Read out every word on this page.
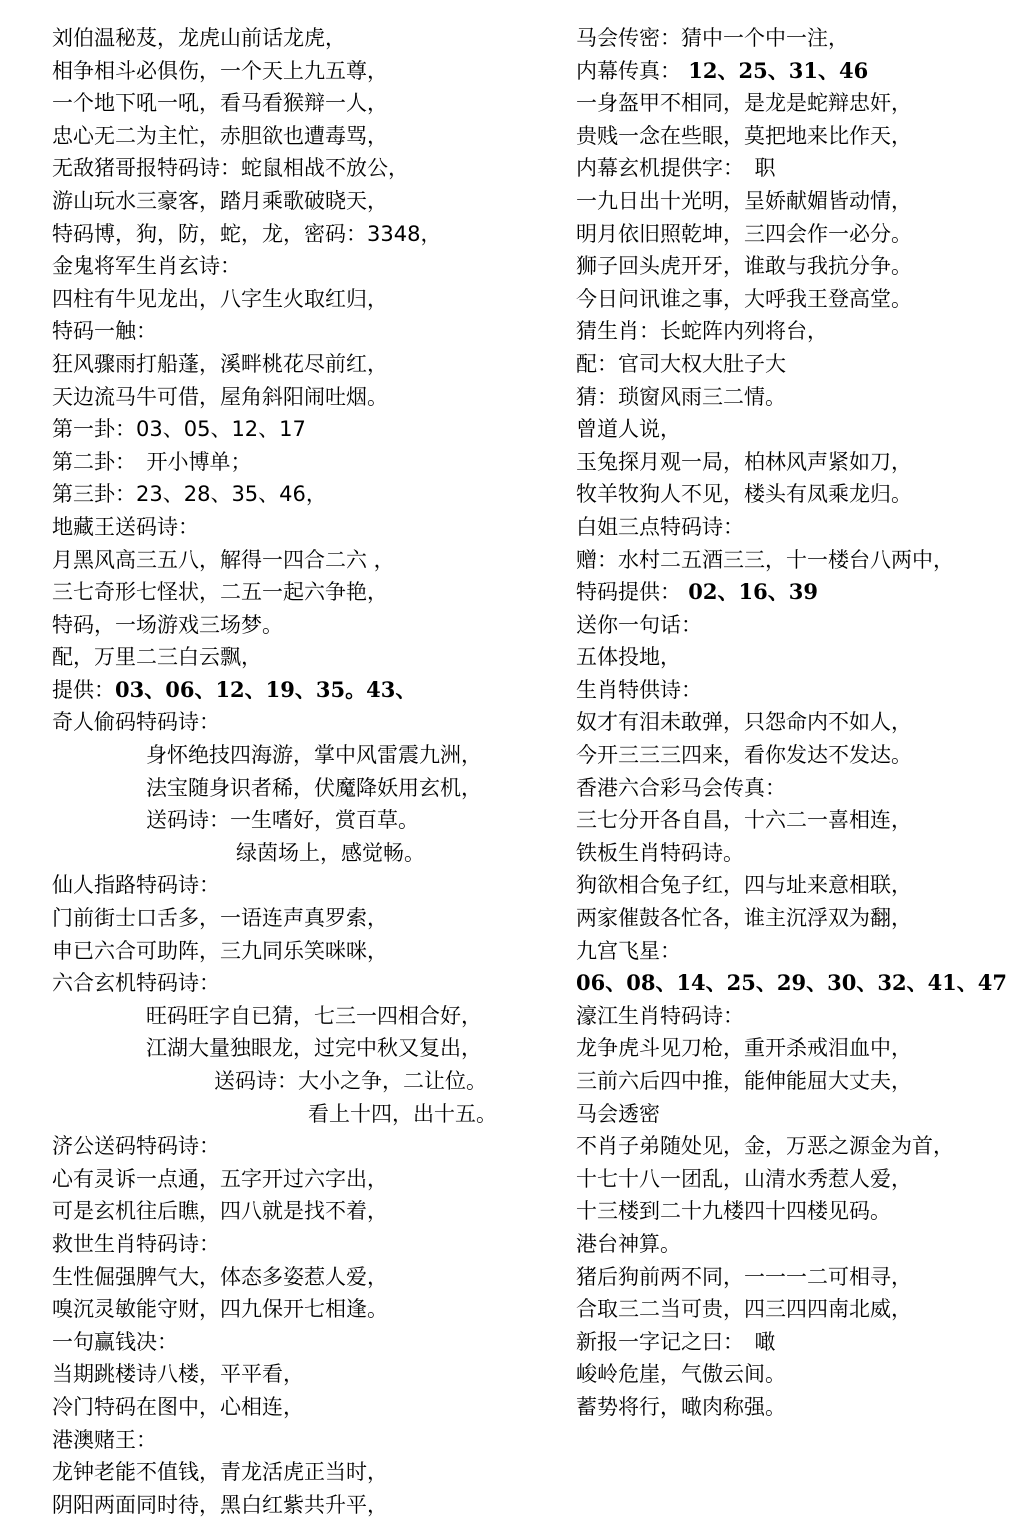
刘伯温秘芨，龙虎山前话龙虎，
相争相斗必俱伤，一个天上九五尊，
一个地下吼一吼，看马看猴辩一人，
忠心无二为主忙，赤胆欲也遭毒骂，
无敌猪哥报特码诗：蛇鼠相战不放公，
游山玩水三豪客，踏月乘歌破晓天，
特码博，狗，防，蛇，龙，密码：3348，
金鬼将军生肖玄诗：
四柱有牛见龙出，八字生火取红归，
特码一触：
狂风骤雨打船蓬，溪畔桃花尽前红，
天边流马牛可借，屋角斜阳闹吐烟。
第一卦：03、05、12、17
第二卦：　开小博单；
第三卦：23、28、35、46，
地藏王送码诗：
月黑风高三五八，解得一四合二六 ，
三七奇形七怪状，二五一起六争艳，
特码，一场游戏三场梦。
配，万里二三白云飘，
提供：03、06、12、19、35。43、
奇人偷码特码诗：
身怀绝技四海游，掌中风雷震九洲，
法宝随身识者稀，伏魔降妖用玄机，
送码诗：一生嗜好，赏百草。
绿茵场上，感觉畅。
仙人指路特码诗：
门前街士口舌多，一语连声真罗索，
申已六合可助阵，三九同乐笑咪咪，
六合玄机特码诗：
旺码旺字自已猜，七三一四相合好，
江湖大量独眼龙，过完中秋又复出，
送码诗：大小之争，二让位。
看上十四，出十五。
济公送码特码诗：
心有灵诉一点通，五字开过六字出，
可是玄机往后瞧，四八就是找不着，
救世生肖特码诗：
生性倔强脾气大，体态多姿惹人爱，
嗅沉灵敏能守财，四九保开七相逢。
一句赢钱决：
当期跳楼诗八楼，平平看，
冷门特码在图中，心相连，
港澳赌王：
龙钟老能不值钱，青龙活虎正当时，
阴阳两面同时待，黑白红紫共升平，
马会传密：猜中一个中一注，
内幕传真： 12、25、31、46
一身盔甲不相同，是龙是蛇辩忠奸，
贵贱一念在些眼，莫把地来比作天，
内幕玄机提供字：　职
一九日出十光明，呈娇献媚皆动情，
明月依旧照乾坤，三四会作一必分。
狮子回头虎开牙，谁敢与我抗分争。
今日问讯谁之事，大呼我王登高堂。
猜生肖：长蛇阵内列将台，
配：官司大权大肚子大
猜：琐窗风雨三二情。
曾道人说，
玉兔探月观一局，柏林风声紧如刀，
牧羊牧狗人不见，楼头有凤乘龙归。
白姐三点特码诗：
赠：水村二五酒三三，十一楼台八两中，
特码提供： 02、16、39
送你一句话：
五体投地，
生肖特供诗：
奴才有泪未敢弹，只怨命内不如人，
今开三三三四来，看你发达不发达。
香港六合彩马会传真：
三七分开各自昌，十六二一喜相连，
铁板生肖特码诗。
狗欲相合兔子红，四与址来意相联，
两家催鼓各忙各，谁主沉浮双为翻，
九宫飞星：
06、08、14、25、29、30、32、41、47
濠江生肖特码诗：
龙争虎斗见刀枪，重开杀戒泪血中，
三前六后四中推，能伸能屈大丈夫，
马会透密
不肖子弟随处见，金，万恶之源金为首，
十七十八一团乱，山清水秀惹人爱，
十三楼到二十九楼四十四楼见码。
港台神算。
猪后狗前两不同，一一一二可相寻，
合取三二当可贵，四三四四南北威，
新报一字记之曰：　噉
峻岭危崖，气傲云间。
蓄势将行，噉肉称强。
